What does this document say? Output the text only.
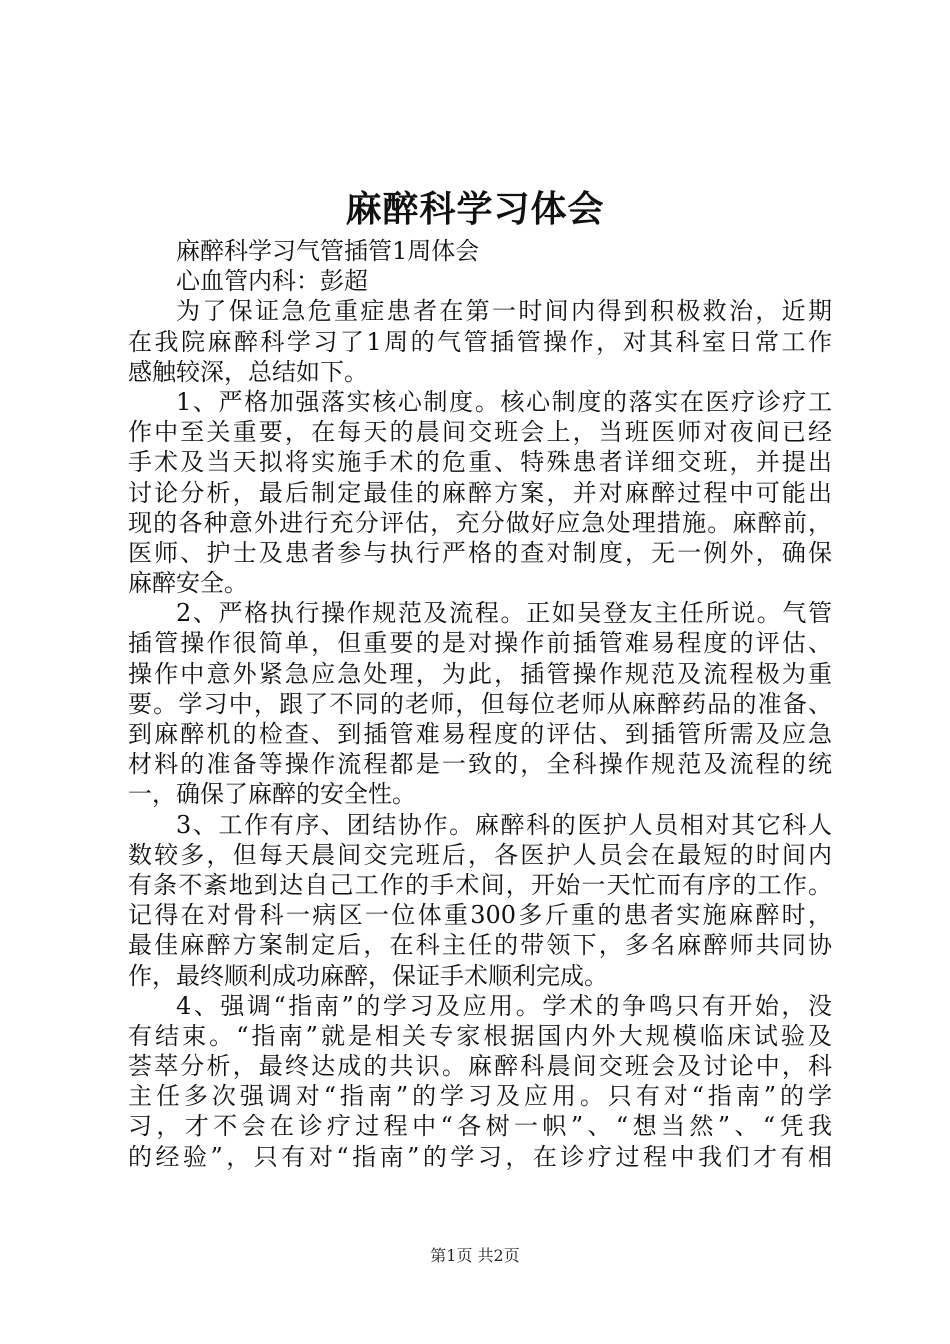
麻醉科学习体会
麻醉科学习气管插管1周体会
心血管内科：彭超
为了保证急危重症患者在第一时间内得到积极救治，近期
在我院麻醉科学习了1周的气管插管操作，对其科室日常工作
感触较深，总结如下。
1、严格加强落实核心制度。核心制度的落实在医疗诊疗工
作中至关重要，在每天的晨间交班会上，当班医师对夜间已经
手术及当天拟将实施手术的危重、特殊患者详细交班，并提出
讨论分析，最后制定最佳的麻醉方案，并对麻醉过程中可能出
现的各种意外进行充分评估，充分做好应急处理措施。麻醉前，
医师、护士及患者参与执行严格的查对制度，无一例外，确保
麻醉安全。
2、严格执行操作规范及流程。正如吴登友主任所说。气管
插管操作很简单，但重要的是对操作前插管难易程度的评估、
操作中意外紧急应急处理，为此，插管操作规范及流程极为重
要。学习中，跟了不同的老师，但每位老师从麻醉药品的准备、
到麻醉机的检查、到插管难易程度的评估、到插管所需及应急
材料的准备等操作流程都是一致的，全科操作规范及流程的统
一，确保了麻醉的安全性。
3、工作有序、团结协作。麻醉科的医护人员相对其它科人
数较多，但每天晨间交完班后，各医护人员会在最短的时间内
有条不紊地到达自己工作的手术间，开始一天忙而有序的工作。
记得在对骨科一病区一位体重300多斤重的患者实施麻醉时，
最佳麻醉方案制定后，在科主任的带领下，多名麻醉师共同协
作，最终顺利成功麻醉，保证手术顺利完成。
4、强调“指南”的学习及应用。学术的争鸣只有开始，没
有结束。“指南”就是相关专家根据国内外大规模临床试验及
荟萃分析，最终达成的共识。麻醉科晨间交班会及讨论中，科
主任多次强调对“指南”的学习及应用。只有对“指南”的学
习，才不会在诊疗过程中“各树一帜”、“想当然”、“凭我
的经验”，只有对“指南”的学习，在诊疗过程中我们才有相
第1页 共2页
